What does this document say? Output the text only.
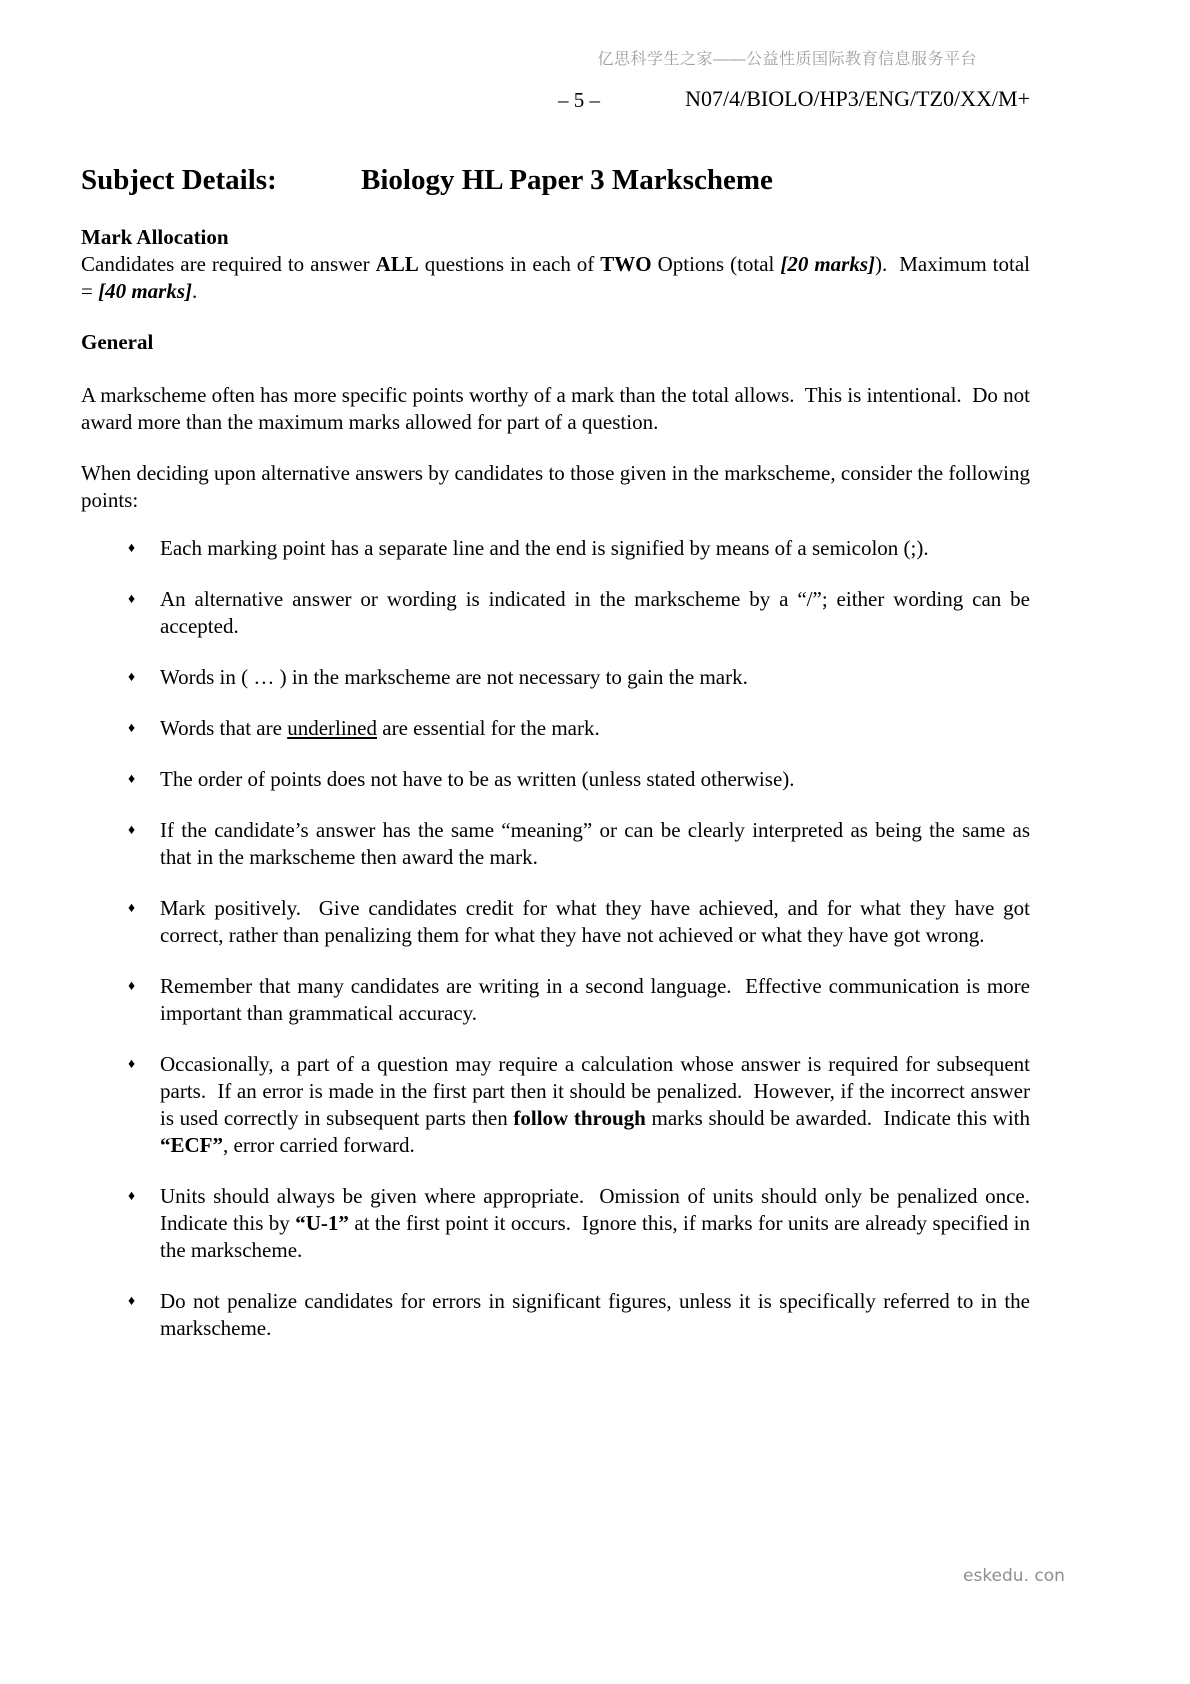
亿思科学生之家——公益性质国际教育信息服务平台
– 5 –	N07/4/BIOLO/HP3/ENG/TZ0/XX/M+
Subject Details:	Biology HL Paper 3 Markscheme
Mark Allocation
Candidates are required to answer ALL questions in each of TWO Options (total [20 marks]).  Maximum total = [40 marks].
General
A markscheme often has more specific points worthy of a mark than the total allows.  This is intentional.  Do not award more than the maximum marks allowed for part of a question.
When deciding upon alternative answers by candidates to those given in the markscheme, consider the following points:
♦	Each marking point has a separate line and the end is signified by means of a semicolon (;).
♦	An alternative answer or wording is indicated in the markscheme by a “/”; either wording can be accepted.
♦	Words in ( … ) in the markscheme are not necessary to gain the mark.
♦	Words that are underlined are essential for the mark.
♦	The order of points does not have to be as written (unless stated otherwise).
♦	If the candidate’s answer has the same “meaning” or can be clearly interpreted as being the same as that in the markscheme then award the mark.
♦	Mark positively.  Give candidates credit for what they have achieved, and for what they have got correct, rather than penalizing them for what they have not achieved or what they have got wrong.
♦	Remember that many candidates are writing in a second language.  Effective communication is more important than grammatical accuracy.
♦	Occasionally, a part of a question may require a calculation whose answer is required for subsequent parts.  If an error is made in the first part then it should be penalized.  However, if the incorrect answer is used correctly in subsequent parts then follow through marks should be awarded.  Indicate this with “ECF”, error carried forward.
♦	Units should always be given where appropriate.  Omission of units should only be penalized once.  Indicate this by “U-1” at the first point it occurs.  Ignore this, if marks for units are already specified in the markscheme.
♦	Do not penalize candidates for errors in significant figures, unless it is specifically referred to in the markscheme.
eskedu. con
